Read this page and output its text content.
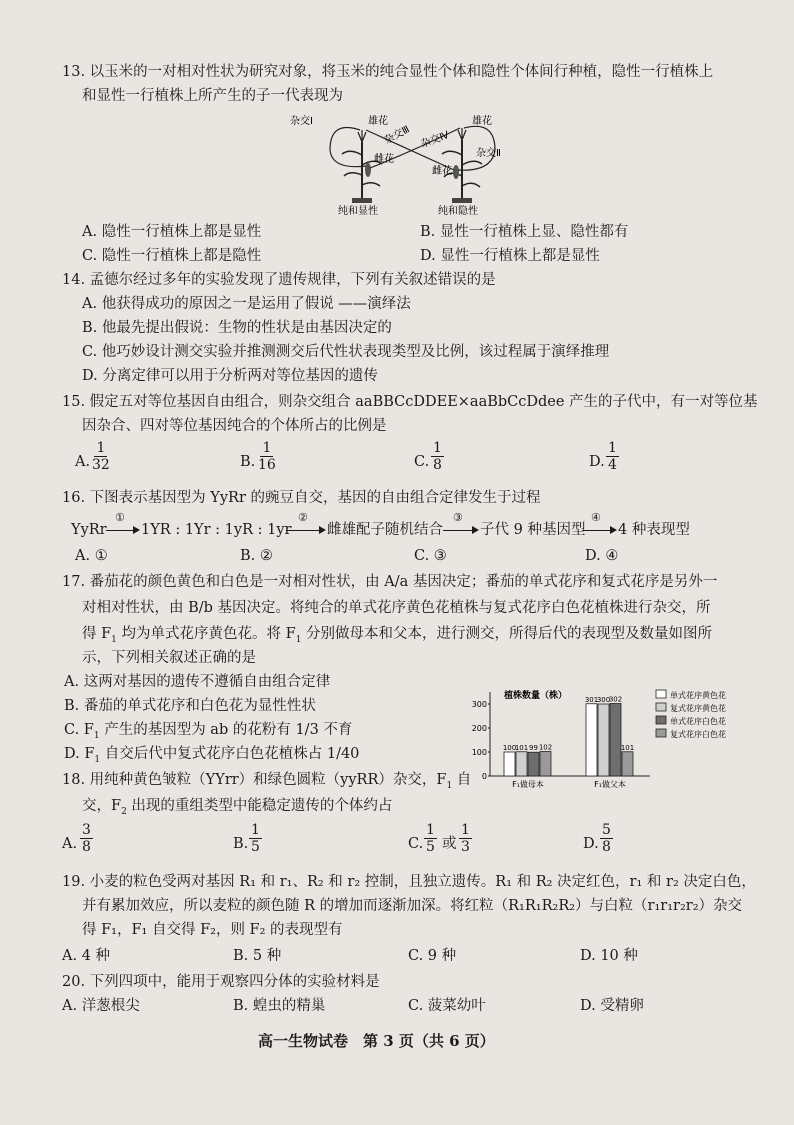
13. 以玉米的一对相对性状为研究对象，将玉米的纯合显性个体和隐性个体间行种植，隐性一行植株上
和显性一行植株上所产生的子一代表现为
杂交Ⅰ	雄花
雌花
杂交Ⅲ 杂交Ⅳ
雄花
杂交Ⅱ
雌花
纯和显性	纯和隐性
A. 隐性一行植株上都是显性	B. 显性一行植株上显、隐性都有
C. 隐性一行植株上都是隐性	D. 显性一行植株上都是显性
14. 孟德尔经过多年的实验发现了遗传规律，下列有关叙述错误的是
A. 他获得成功的原因之一是运用了假说 ——演绎法
B. 他最先提出假说：生物的性状是由基因决定的
C. 他巧妙设计测交实验并推测测交后代性状表现类型及比例，该过程属于演绎推理
D. 分离定律可以用于分析两对等位基因的遗传
15. 假定五对等位基因自由组合，则杂交组合 aaBBCcDDEE×aaBbCcDdee 产生的子代中，有一对等位基
因杂合、四对等位基因纯合的个体所占的比例是
A. $\frac{1}{32}$	B. $\frac{1}{16}$	C. $\frac{1}{8}$	D. $\frac{1}{4}$
16. 下图表示基因型为 YyRr 的豌豆自交，基因的自由组合定律发生于过程
YyRr
①
1YR : 1Yr : 1yR : 1yr
②
雌雄配子随机结合
③
子代 9 种基因型
④
4 种表现型
A. ①	B. ②	C. ③	D. ④
17. 番茄花的颜色黄色和白色是一对相对性状，由 A/a 基因决定；番茄的单式花序和复式花序是另外一
对相对性状，由 B/b 基因决定。将纯合的单式花序黄色花植株与复式花序白色花植株进行杂交，所
得 $F_1$ 均为单式花序黄色花。将 $F_1$ 分别做母本和父本，进行测交，所得后代的表现型及数量如图所
示，下列相关叙述正确的是
A. 这两对基因的遗传不遵循自由组合定律
B. 番茄的单式花序和白色花为显性性状
C. $F_1$ 产生的基因型为 ab 的花粉有 1/3 不育
D. $F_1$ 自交后代中复式花序白色花植株占 1/40
植株数量（株）
0
100
200
300
100
101 99 102
F₁做母本
301
300
302
101
F₁做父本
单式花序黄色花
复式花序黄色花
单式花序白色花
复式花序白色花
18. 用纯种黄色皱粒（YYrr）和绿色圆粒（yyRR）杂交，$F_1$ 自
交，$F_2$ 出现的重组类型中能稳定遗传的个体约占
A. $\frac{3}{8}$	B. $\frac{1}{5}$	C. $\frac{1}{5}$ 或 $\frac{1}{3}$	D. $\frac{5}{8}$
19. 小麦的粒色受两对基因 R₁ 和 r₁、R₂ 和 r₂ 控制，且独立遗传。R₁ 和 R₂ 决定红色，r₁ 和 r₂ 决定白色，
并有累加效应，所以麦粒的颜色随 R 的增加而逐渐加深。将红粒（R₁R₁R₂R₂）与白粒（r₁r₁r₂r₂）杂交
得 F₁，F₁ 自交得 F₂，则 F₂ 的表现型有
A. 4 种	B. 5 种	C. 9 种	D. 10 种
20. 下列四项中，能用于观察四分体的实验材料是
A. 洋葱根尖	B. 蝗虫的精巢	C. 菠菜幼叶	D. 受精卵
高一生物试卷　第 3 页（共 6 页）
